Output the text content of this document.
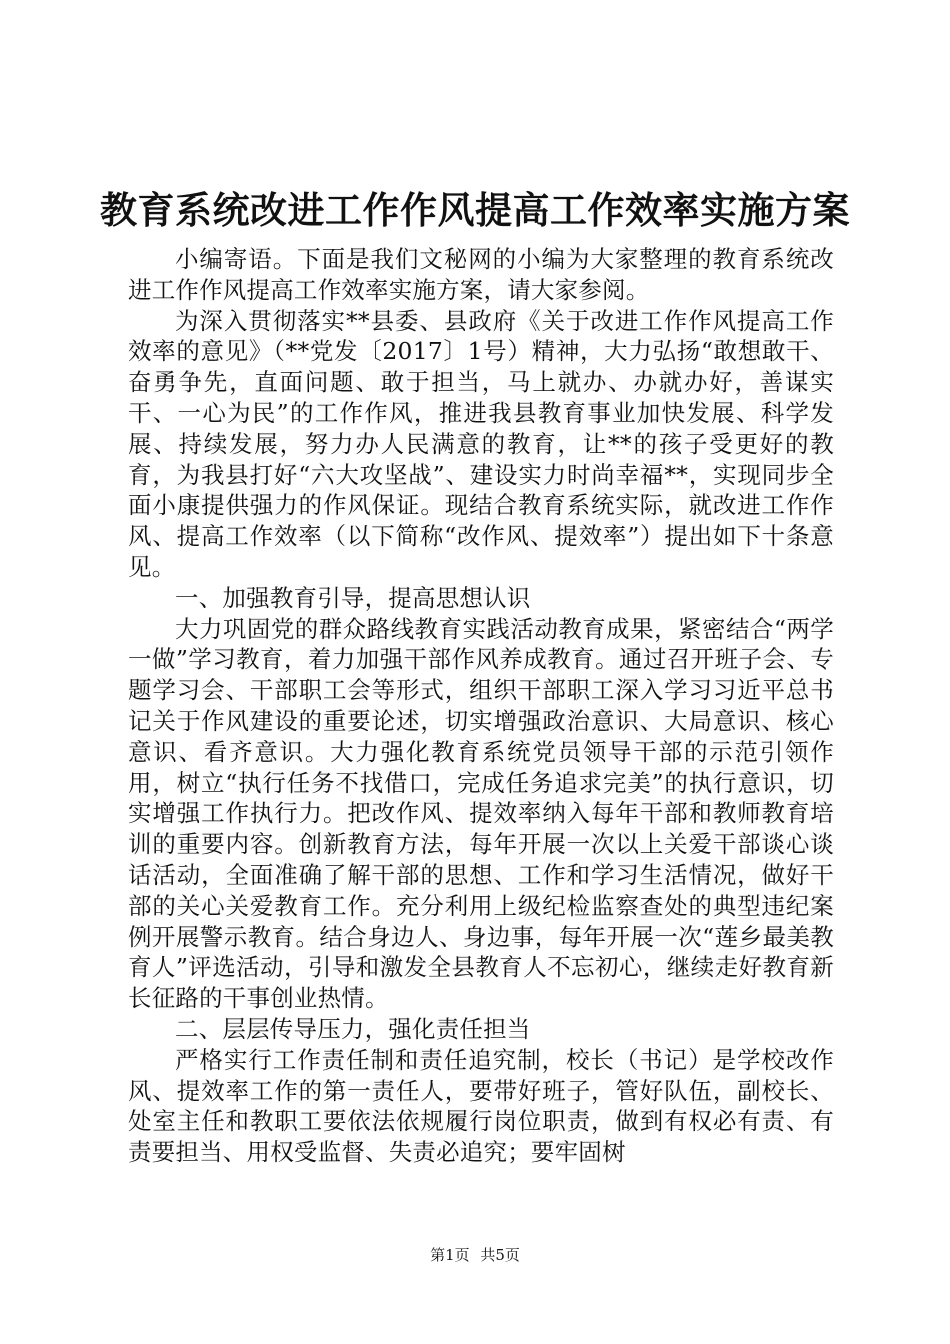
教育系统改进工作作风提高工作效率实施方案

小编寄语。下面是我们文秘网的小编为大家整理的教育系统改进工作作风提高工作效率实施方案，请大家参阅。

为深入贯彻落实**县委、县政府《关于改进工作作风提高工作效率的意见》（**党发〔2017〕1号）精神，大力弘扬“敢想敢干、奋勇争先，直面问题、敢于担当，马上就办、办就办好，善谋实干、一心为民”的工作作风，推进我县教育事业加快发展、科学发展、持续发展，努力办人民满意的教育，让**的孩子受更好的教育，为我县打好“六大攻坚战”、建设实力时尚幸福**，实现同步全面小康提供强力的作风保证。现结合教育系统实际，就改进工作作风、提高工作效率（以下简称“改作风、提效率”）提出如下十条意见。

一、加强教育引导，提高思想认识

大力巩固党的群众路线教育实践活动教育成果，紧密结合“两学一做”学习教育，着力加强干部作风养成教育。通过召开班子会、专题学习会、干部职工会等形式，组织干部职工深入学习习近平总书记关于作风建设的重要论述，切实增强政治意识、大局意识、核心意识、看齐意识。大力强化教育系统党员领导干部的示范引领作用，树立“执行任务不找借口，完成任务追求完美”的执行意识，切实增强工作执行力。把改作风、提效率纳入每年干部和教师教育培训的重要内容。创新教育方法，每年开展一次以上关爱干部谈心谈话活动，全面准确了解干部的思想、工作和学习生活情况，做好干部的关心关爱教育工作。充分利用上级纪检监察查处的典型违纪案例开展警示教育。结合身边人、身边事，每年开展一次“莲乡最美教育人”评选活动，引导和激发全县教育人不忘初心，继续走好教育新长征路的干事创业热情。

二、层层传导压力，强化责任担当

严格实行工作责任制和责任追究制，校长（书记）是学校改作风、提效率工作的第一责任人，要带好班子，管好队伍，副校长、处室主任和教职工要依法依规履行岗位职责，做到有权必有责、有责要担当、用权受监督、失责必追究；要牢固树

第1页 共5页
